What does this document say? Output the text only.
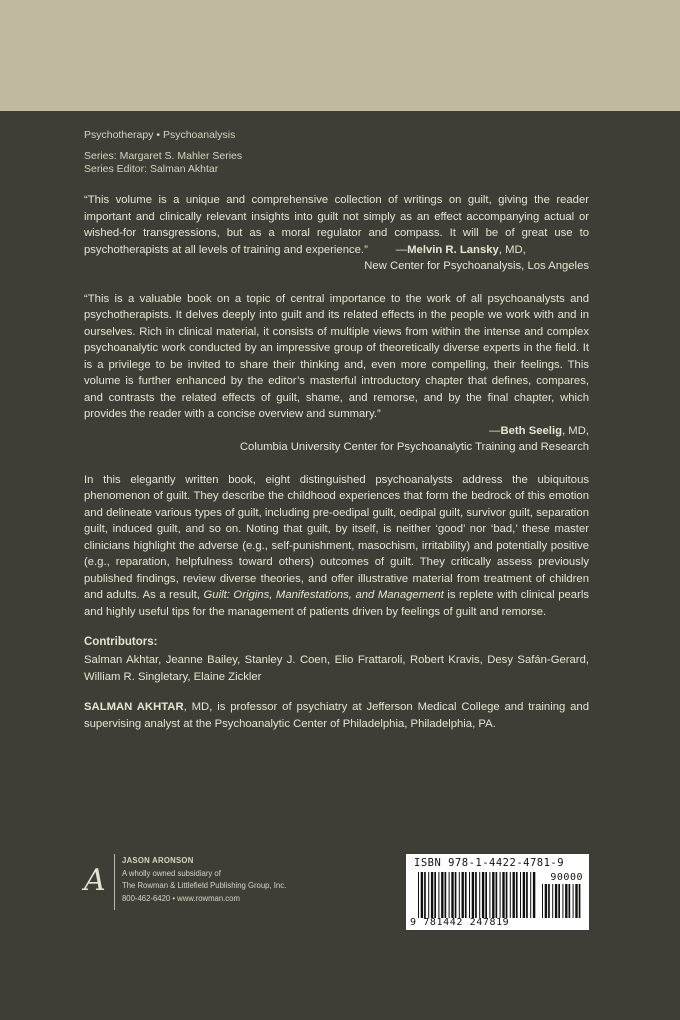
Psychotherapy • Psychoanalysis
Series: Margaret S. Mahler Series
Series Editor: Salman Akhtar

“This volume is a unique and comprehensive collection of writings on guilt, giving the reader important and clinically relevant insights into guilt not simply as an effect accompanying actual or wished-for transgressions, but as a moral regulator and compass. It will be of great use to psychotherapists at all levels of training and experience.” —Melvin R. Lansky, MD,

New Center for Psychoanalysis, Los Angeles

“This is a valuable book on a topic of central importance to the work of all psychoanalysts and psychotherapists. It delves deeply into guilt and its related effects in the people we work with and in ourselves. Rich in clinical material, it consists of multiple views from within the intense and complex psychoanalytic work conducted by an impressive group of theoretically diverse experts in the field. It is a privilege to be invited to share their thinking and, even more compelling, their feelings. This volume is further enhanced by the editor’s masterful introductory chapter that defines, compares, and contrasts the related effects of guilt, shame, and remorse, and by the final chapter, which provides the reader with a concise overview and summary.”

—Beth Seelig, MD,
Columbia University Center for Psychoanalytic Training and Research

In this elegantly written book, eight distinguished psychoanalysts address the ubiquitous phenomenon of guilt. They describe the childhood experiences that form the bedrock of this emotion and delineate various types of guilt, including pre-oedipal guilt, oedipal guilt, survivor guilt, separation guilt, induced guilt, and so on. Noting that guilt, by itself, is neither ‘good’ nor ‘bad,’ these master clinicians highlight the adverse (e.g., self-punishment, masochism, irritability) and potentially positive (e.g., reparation, helpfulness toward others) outcomes of guilt. They critically assess previously published findings, review diverse theories, and offer illustrative material from treatment of children and adults. As a result, Guilt: Origins, Manifestations, and Management is replete with clinical pearls and highly useful tips for the management of patients driven by feelings of guilt and remorse.

Contributors:

Salman Akhtar, Jeanne Bailey, Stanley J. Coen, Elio Frattaroli, Robert Kravis, Desy Safán-Gerard, William R. Singletary, Elaine Zickler

SALMAN AKHTAR, MD, is professor of psychiatry at Jefferson Medical College and training and supervising analyst at the Psychoanalytic Center of Philadelphia, Philadelphia, PA.

A
JASON ARONSON
A wholly owned subsidiary of
The Rowman & Littlefield Publishing Group, Inc.
800-462-6420 • www.rowman.com
ISBN 978-1-4422-4781-9
90000
9 781442 247819
